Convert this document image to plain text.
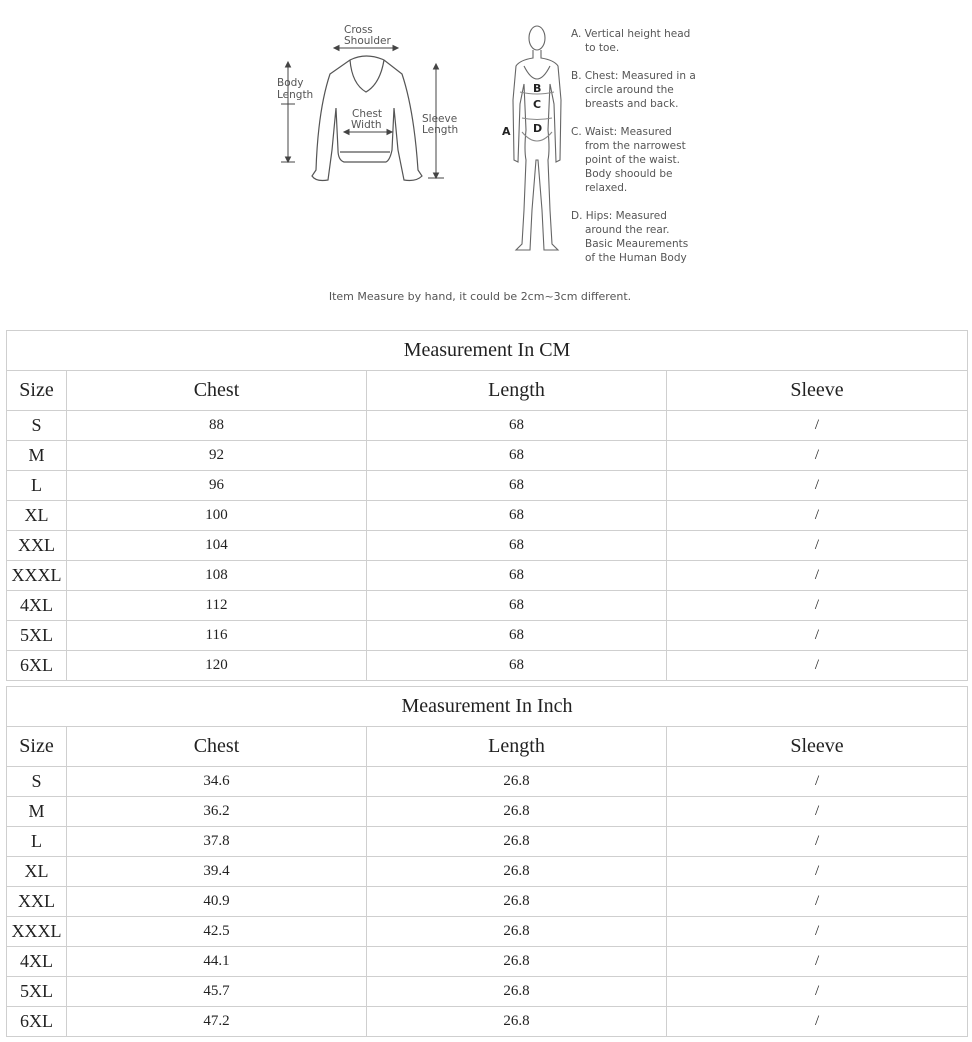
Cross
Shoulder
Body
Length
Chest
Width	Sleeve
Length
B
C
A D
A. Vertical height head
to toe.
B. Chest: Measured in a
circle around the
breasts and back.
C. Waist: Measured
from the narrowest
point of the waist.
Body shoould be
relaxed.
D. Hips: Measured
around the rear.
Basic Meaurements
of the Human Body
Item Measure by hand, it could be 2cm~3cm different.
Measurement In CM			
Size	Chest	Length	Sleeve
S	88	68	/
M	92	68	/
L	96	68	/
XL	100	68	/
XXL	104	68	/
XXXL	108	68	/
4XL	112	68	/
5XL	116	68	/
6XL	120	68	/
Measurement In Inch			
Size	Chest	Length	Sleeve
S	34.6	26.8	/
M	36.2	26.8	/
L	37.8	26.8	/
XL	39.4	26.8	/
XXL	40.9	26.8	/
XXXL	42.5	26.8	/
4XL	44.1	26.8	/
5XL	45.7	26.8	/
6XL	47.2	26.8	/
